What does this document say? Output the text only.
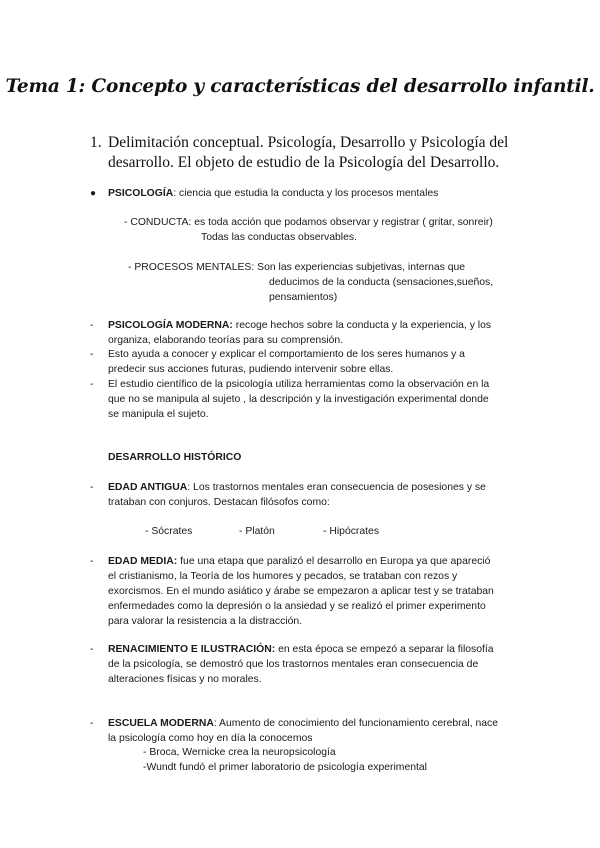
Tema 1: Concepto y características del desarrollo infantil.
1. Delimitación conceptual. Psicología, Desarrollo y Psicología del
desarrollo. El objeto de estudio de la Psicología del Desarrollo.
● PSICOLOGÍA: ciencia que estudia la conducta y los procesos mentales
- CONDUCTA: es toda acción que podamos observar y registrar ( gritar, sonreir)
Todas las conductas observables.
- PROCESOS MENTALES: Son las experiencias subjetivas, internas que
deducimos de la conducta (sensaciones,sueños,
pensamientos)
- PSICOLOGÍA MODERNA: recoge hechos sobre la conducta y la experiencia, y los
organiza, elaborando teorías para su comprensión.
- Esto ayuda a conocer y explicar el comportamiento de los seres humanos y a
predecir sus acciones futuras, pudiendo intervenir sobre ellas.
- El estudio científico de la psicología utiliza herramientas como la observación en la
que no se manipula al sujeto , la descripción y la investigación experimental donde
se manipula el sujeto.
DESARROLLO HISTÓRICO
- EDAD ANTIGUA: Los trastornos mentales eran consecuencia de posesiones y se
trataban con conjuros. Destacan filósofos como:
- Sócrates	- Platón	- Hipócrates
- EDAD MEDIA: fue una etapa que paralizó el desarrollo en Europa ya que apareció
el cristianismo, la Teoría de los humores y pecados, se trataban con rezos y
exorcismos. En el mundo asiático y árabe se empezaron a aplicar test y se trataban
enfermedades como la depresión o la ansiedad y se realizó el primer experimento
para valorar la resistencia a la distracción.
- RENACIMIENTO E ILUSTRACIÓN: en esta época se empezó a separar la filosofía
de la psicología, se demostró que los trastornos mentales eran consecuencia de
alteraciones físicas y no morales.
- ESCUELA MODERNA: Aumento de conocimiento del funcionamiento cerebral, nace
la psicología como hoy en día la conocemos
- Broca, Wernicke crea la neuropsicología
-Wundt fundó el primer laboratorio de psicología experimental
